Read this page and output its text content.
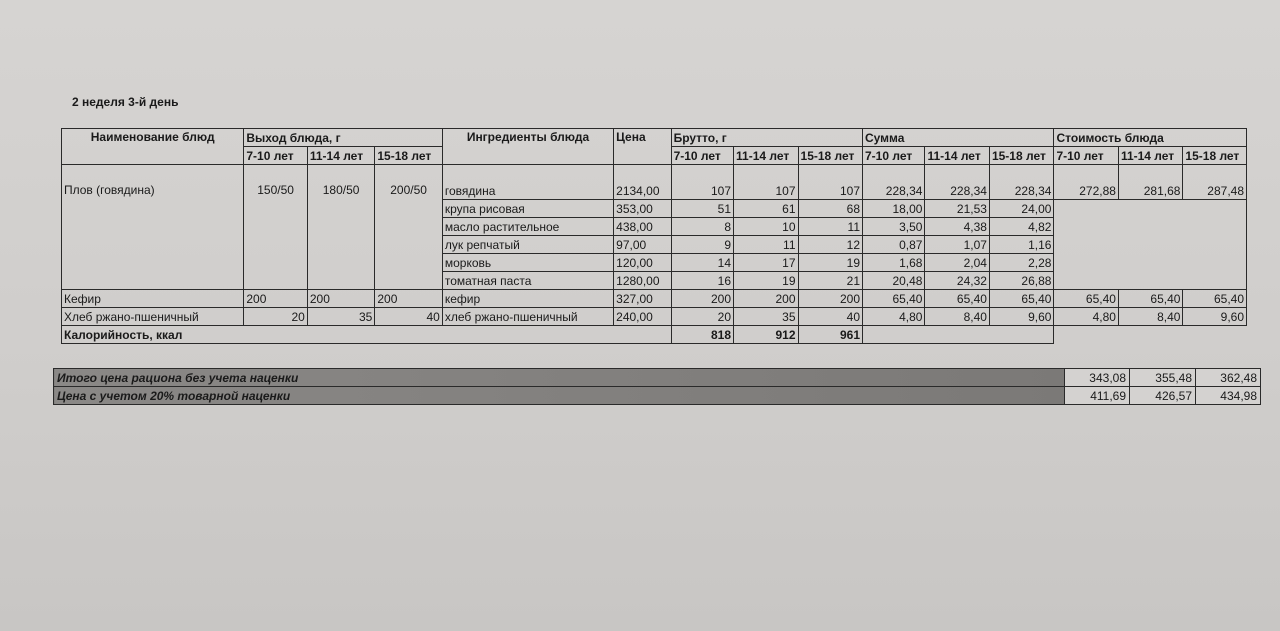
2 неделя 3-й день
Наименование блюд	Выход блюда, г			Ингредиенты блюда	Цена	Брутто, г			Сумма			Стоимость блюда		
	7-10 лет	11-14 лет	15-18 лет			7-10 лет	11-14 лет	15-18 лет	7-10 лет	11-14 лет	15-18 лет	7-10 лет	11-14 лет	15-18 лет

Плов (говядина)	150/50	180/50	200/50	говядина	2134,00	107	107	107	228,34	228,34	228,34	272,88	281,68	287,48
				крупа рисовая	353,00	51	61	68	18,00	21,53	24,00			
				масло растительное	438,00	8	10	11	3,50	4,38	4,82			
				лук репчатый	97,00	9	11	12	0,87	1,07	1,16			
				морковь	120,00	14	17	19	1,68	2,04	2,28			
				томатная паста	1280,00	16	19	21	20,48	24,32	26,88			
Кефир	200	200	200	кефир	327,00	200	200	200	65,40	65,40	65,40	65,40	65,40	65,40
Хлеб ржано-пшеничный	20	35	40	хлеб ржано-пшеничный	240,00	20	35	40	4,80	8,40	9,60	4,80	8,40	9,60
Калорийность, ккал						818	912	961						
Итого цена рациона без учета наценки	343,08	355,48	362,48
Цена с учетом 20% товарной наценки	411,69	426,57	434,98
